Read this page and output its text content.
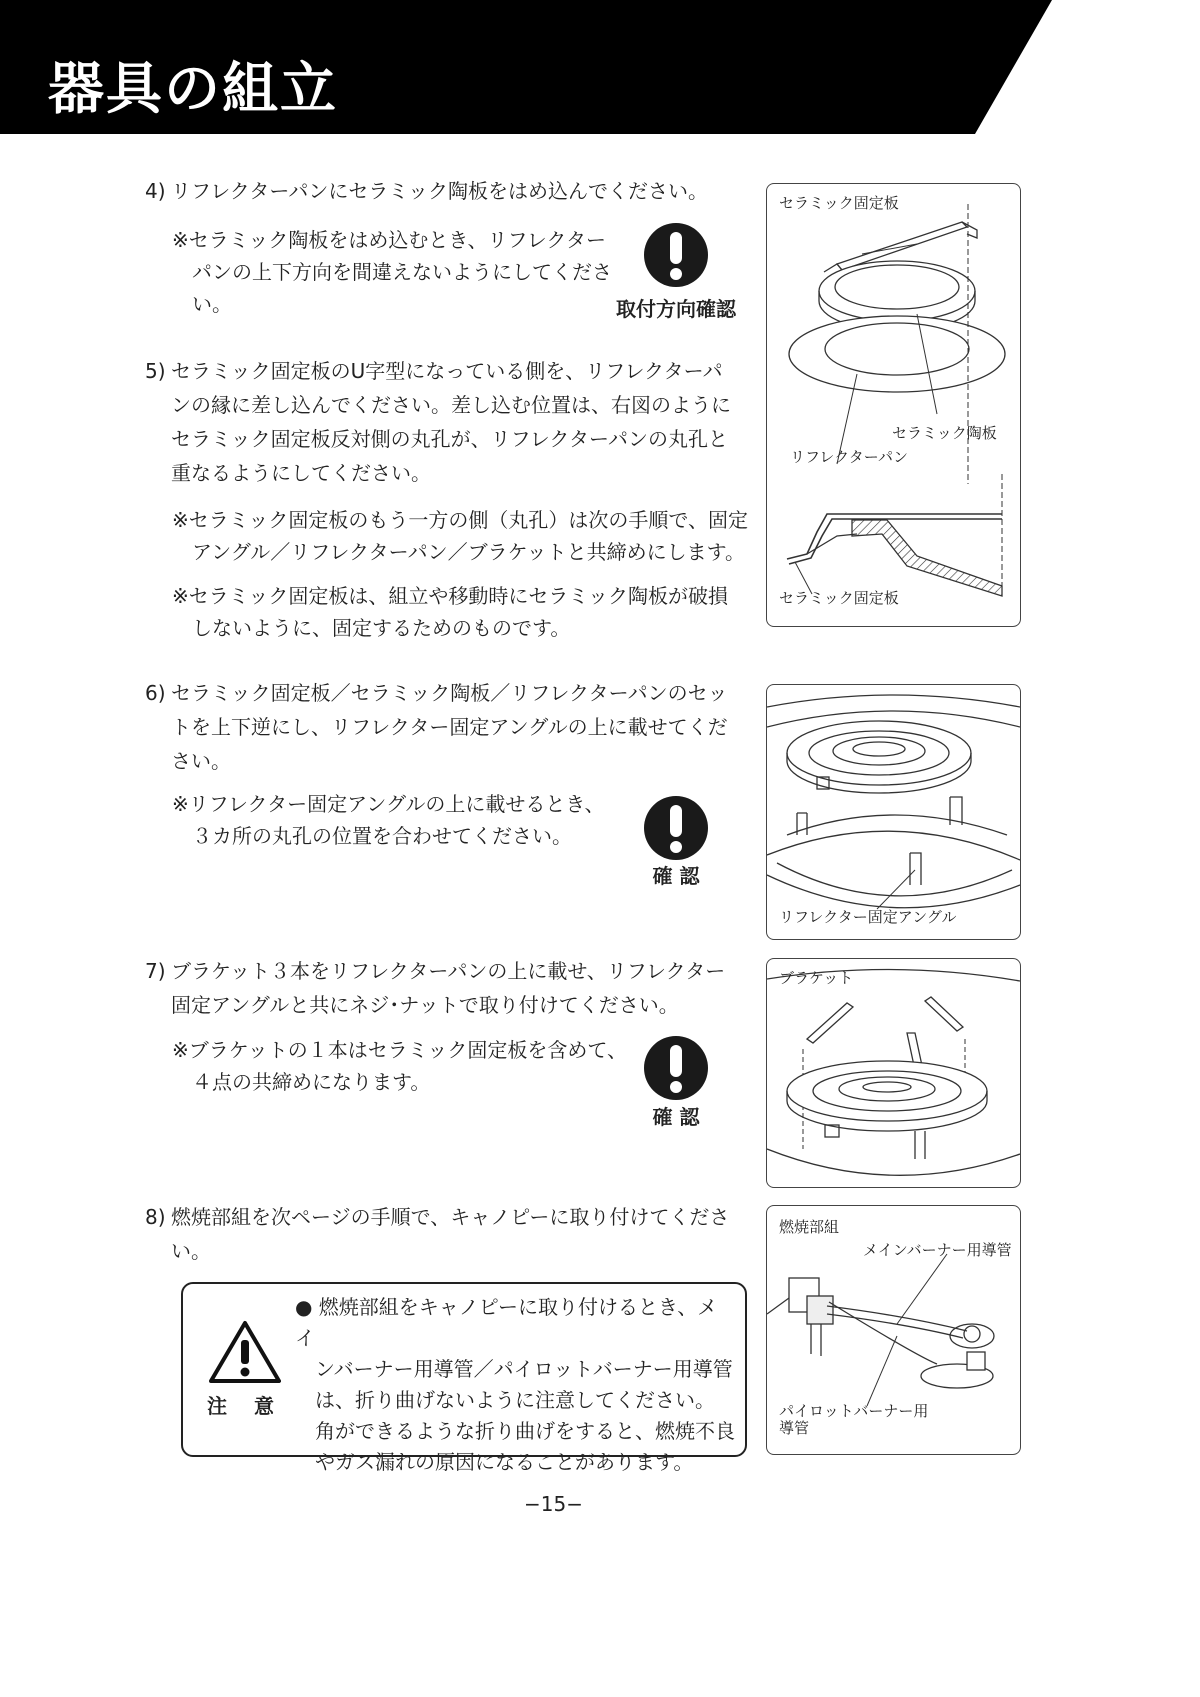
器具の組立
4) リフレクターパンにセラミック陶板をはめ込んでください。
※セラミック陶板をはめ込むとき、リフレクター
　パンの上下方向を間違えないようにしてくださ
　い。	取付方向確認
5) セラミック固定板のU字型になっている側を、リフレクターパ
ンの縁に差し込んでください。差し込む位置は、右図のように
セラミック固定板反対側の丸孔が、リフレクターパンの丸孔と
重なるようにしてください。
※セラミック固定板のもう一方の側（丸孔）は次の手順で、固定
　アングル／リフレクターパン／ブラケットと共締めにします。
※セラミック固定板は、組立や移動時にセラミック陶板が破損
　しないように、固定するためのものです。
6) セラミック固定板／セラミック陶板／リフレクターパンのセッ
トを上下逆にし、リフレクター固定アングルの上に載せてくだ
さい。
※リフレクター固定アングルの上に載せるとき、
　３カ所の丸孔の位置を合わせてください。
確 認
7) ブラケット３本をリフレクターパンの上に載せ、リフレクター
固定アングルと共にネジ･ナットで取り付けてください。
※ブラケットの１本はセラミック固定板を含めて、
　４点の共締めになります。
確 認
8) 燃焼部組を次ページの手順で、キャノピーに取り付けてくださ
い。
注 意
● 燃焼部組をキャノピーに取り付けるとき、メイ
　ンバーナー用導管／パイロットバーナー用導管
　は、折り曲げないように注意してください。
　角ができるような折り曲げをすると、燃焼不良
　やガス漏れの原因になることがあります。
セラミック固定板
セラミック陶板
リフレクターパン
セラミック固定板
リフレクター固定アングル
ブラケット
燃焼部組
メインバーナー用導管
パイロットバーナー用
導管
−15−
